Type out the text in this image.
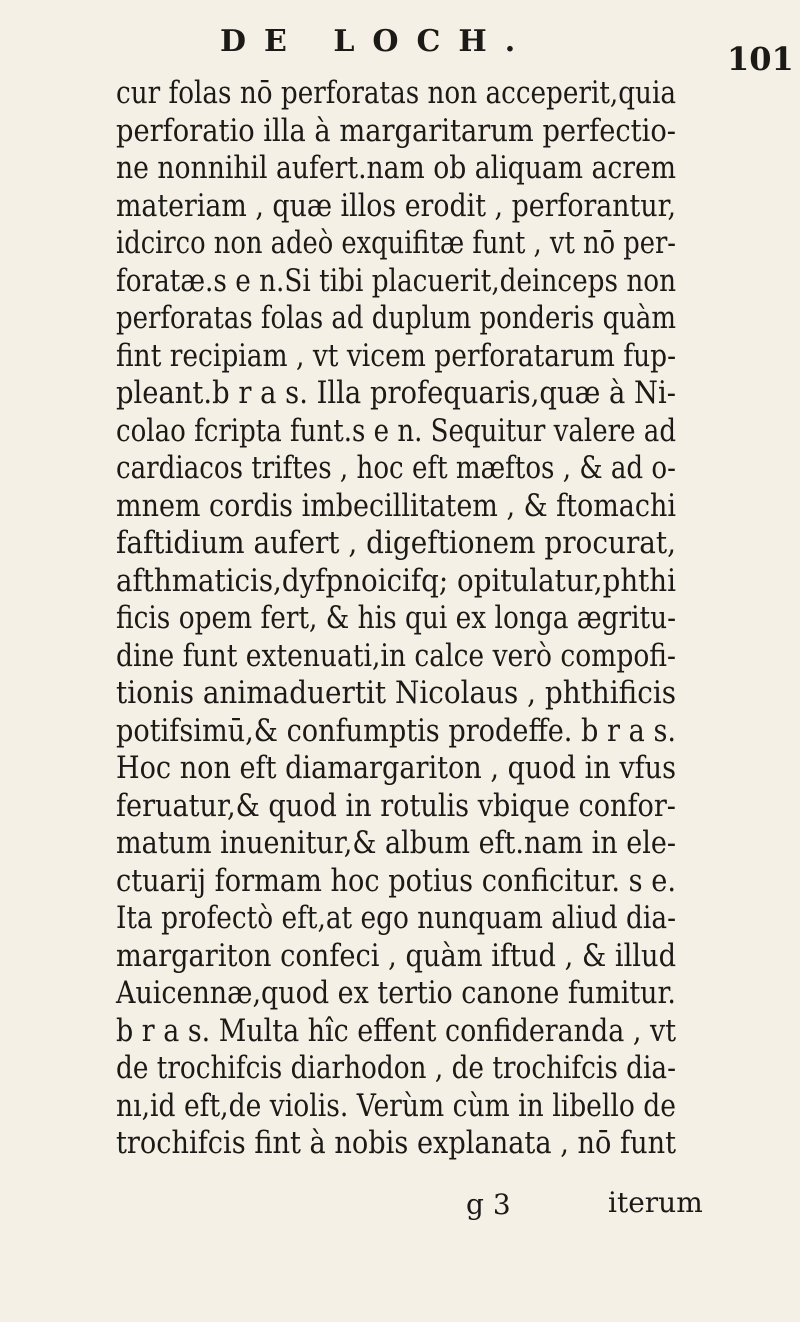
DE LOCH.	101
cur folas nō perforatas non acceperit,quia
perforatio illa à margaritarum perfectio-
ne nonnihil aufert.nam ob aliquam acrem
materiam , quæ illos erodit , perforantur,
idcirco non adeò exquifitæ funt , vt nō per-
foratæ.s e n.Si tibi placuerit,deinceps non
perforatas folas ad duplum ponderis quàm
fint recipiam , vt vicem perforatarum fup-
pleant.b r a s. Illa profequaris,quæ à Ni-
colao fcripta funt.s e n. Sequitur valere ad
cardiacos triftes , hoc eft mæftos , & ad o-
mnem cordis imbecillitatem , & ftomachi
faftidium aufert , digeftionem procurat,
afthmaticis,dyfpnoicifq; opitulatur,phthi
ficis opem fert, & his qui ex longa ægritu-
dine funt extenuati,in calce verò compofi-
tionis animaduertit Nicolaus , phthificis
potifsimū,& confumptis prodeffe. b r a s.
Hoc non eft diamargariton , quod in vfus
feruatur,& quod in rotulis vbique confor-
matum inuenitur,& album eft.nam in ele-
ctuarij formam hoc potius conficitur. s e.
Ita profectò eft,at ego nunquam aliud dia-
margariton confeci , quàm iftud , & illud
Auicennæ,quod ex tertio canone fumitur.
b r a s. Multa hîc effent confideranda , vt
de trochifcis diarhodon , de trochifcis dia-
nı,id eft,de violis. Verùm cùm in libello de
trochifcis fint à nobis explanata , nō funt
g 3	iterum
